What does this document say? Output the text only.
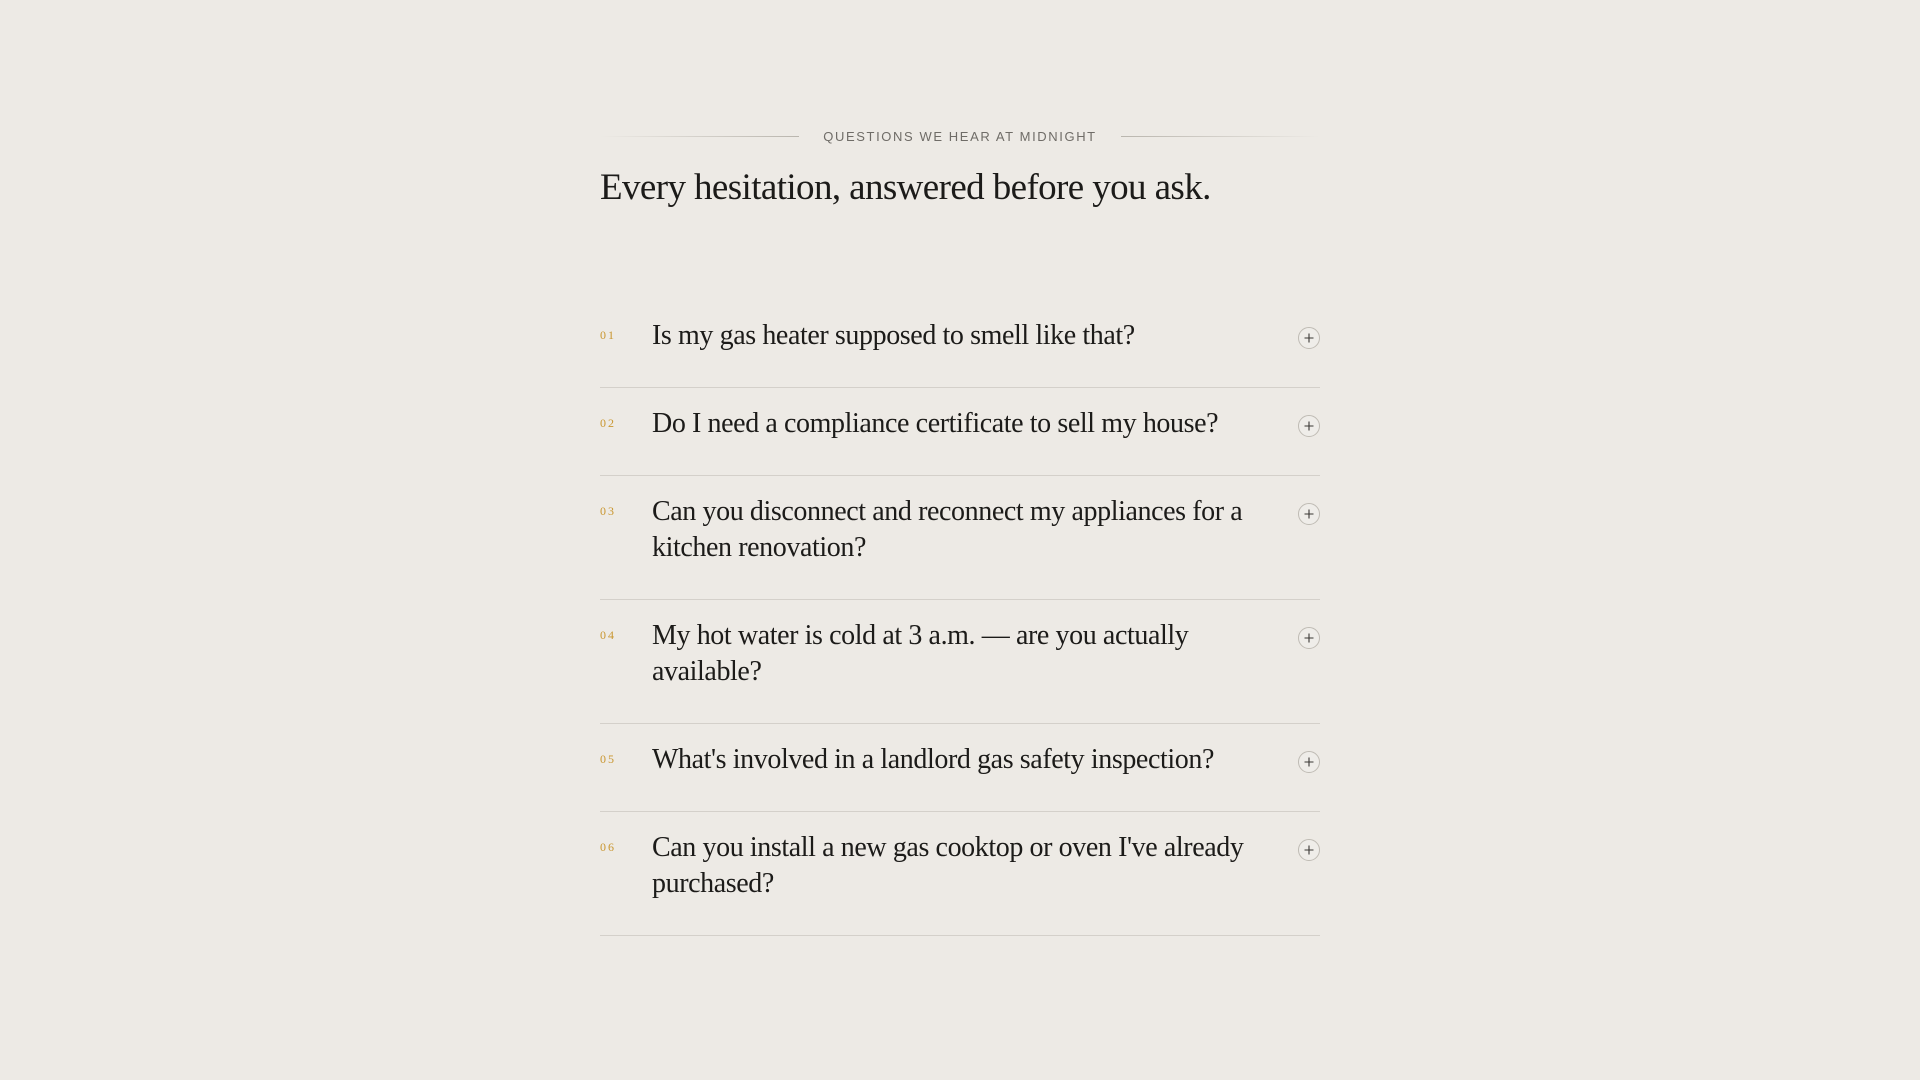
QUESTIONS WE HEAR AT MIDNIGHT
Every hesitation, answered before you ask.
01	Is my gas heater supposed to smell like that?
02	Do I need a compliance certificate to sell my house?
03	Can you disconnect and reconnect my appliances for a kitchen renovation?
04	My hot water is cold at 3 a.m. — are you actually available?
05	What's involved in a landlord gas safety inspection?
06	Can you install a new gas cooktop or oven I've already purchased?
